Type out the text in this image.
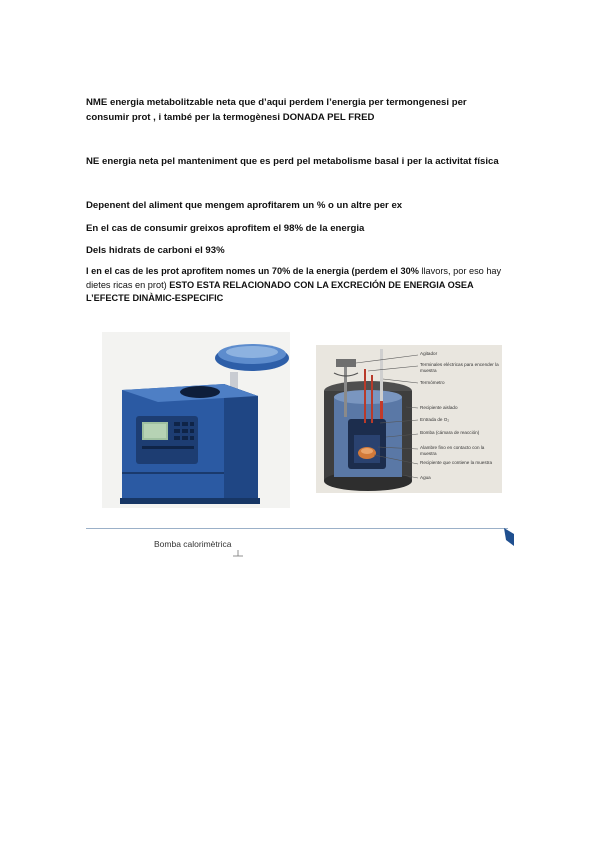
NME energia metabolitzable neta que d’aqui perdem l’energia per termongenesi per consumir prot , i també per la termogènesi DONADA PEL FRED

NE energia neta pel manteniment que es perd pel metabolisme basal i per la activitat física

Depenent del aliment que mengem aprofitarem un % o un altre per ex

En el cas de consumir greixos aprofitem el 98% de la energia

Dels hidrats de carboni el 93%

I en el cas de les prot aprofitem nomes un 70% de la energia (perdem el 30% llavors, por eso hay dietes ricas en prot) ESTO ESTA RELACIONADO CON LA EXCRECIÓN DE ENERGIA OSEA L’EFECTE DINÀMIC-ESPECIFIC

Agitador
Terminales eléctricas para encender la muestra
Termómetro
Recipiente aislado
Entrada de O₂
Bomba (cámara de reacción)
Alambre fino en contacto con la muestra
Recipiente que contiene la muestra
Agua

Bomba calorimètrica
